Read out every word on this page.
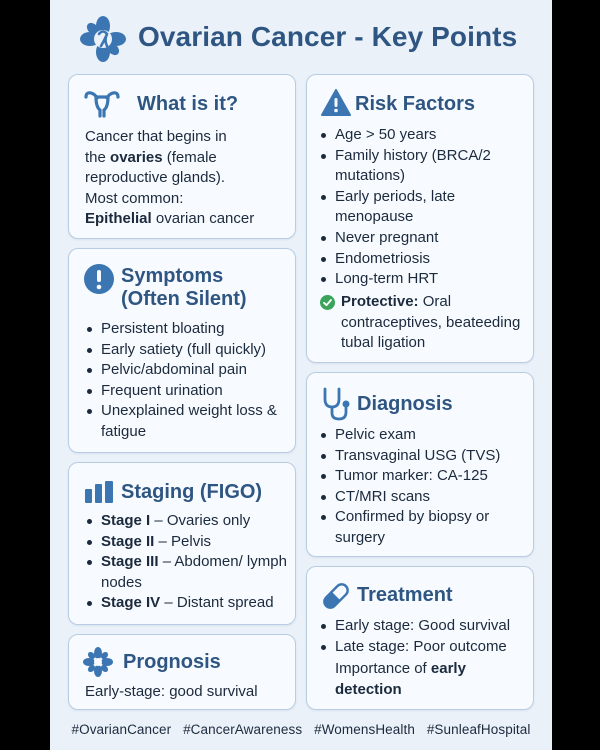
Ovarian Cancer - Key Points
What is it?
Cancer that begins in
the ovaries (female
reproductive glands).
Most common:
Epithelial ovarian cancer
Symptoms
(Often Silent)
Persistent bloating
Early satiety (full quickly)
Pelvic/abdominal pain
Frequent urination
Unexplained weight loss & fatigue
Staging (FIGO)
Stage I – Ovaries only
Stage II – Pelvis
Stage III – Abdomen/ lymph nodes
Stage IV – Distant spread
Prognosis
Early-stage: good survival
Risk Factors
Age > 50 years
Family history (BRCA/2 mutations)
Early periods, late menopause
Never pregnant
Endometriosis
Long-term HRT
Protective: Oral
contraceptives, beateeding
tubal ligation
Diagnosis
Pelvic exam
Transvaginal USG (TVS)
Tumor marker: CA-125
CT/MRI scans
Confirmed by biopsy or surgery
Treatment
Early stage: Good survival
Late stage: Poor outcome
Importance of early
detection
#OvarianCancer #CancerAwareness #WomensHealth #SunleafHospital
